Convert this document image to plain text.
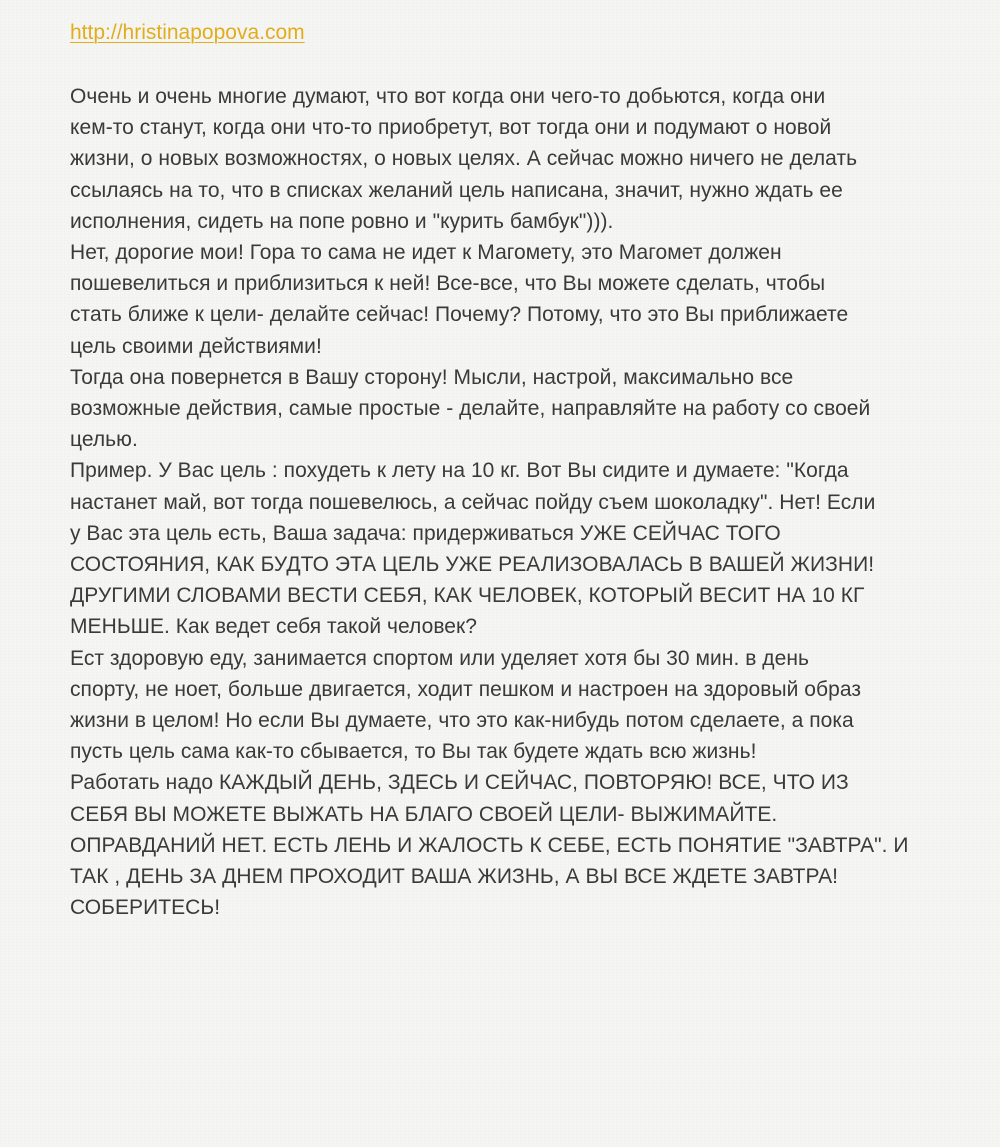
http://hristinapopova.com
Очень и очень многие думают, что вот когда они чего-то добьются, когда они
кем-то станут, когда они что-то приобретут, вот тогда они и подумают о новой
жизни, о новых возможностях, о новых целях. А сейчас можно ничего не делать
ссылаясь на то, что в списках желаний цель написана, значит, нужно ждать ее
исполнения, сидеть на попе ровно и "курить бамбук"))).
Нет, дорогие мои! Гора то сама не идет к Магомету, это Магомет должен
пошевелиться и приблизиться к ней! Все-все, что Вы можете сделать, чтобы
стать ближе к цели- делайте сейчас! Почему? Потому, что это Вы приближаете
цель своими действиями!
Тогда она повернется в Вашу сторону! Мысли, настрой, максимально все
возможные действия, самые простые - делайте, направляйте на работу со своей
целью.
Пример. У Вас цель : похудеть к лету на 10 кг. Вот Вы сидите и думаете: "Когда
настанет май, вот тогда пошевелюсь, а сейчас пойду съем шоколадку". Нет! Если
у Вас эта цель есть, Ваша задача: придерживаться УЖЕ СЕЙЧАС ТОГО
СОСТОЯНИЯ, КАК БУДТО ЭТА ЦЕЛЬ УЖЕ РЕАЛИЗОВАЛАСЬ В ВАШЕЙ ЖИЗНИ!
ДРУГИМИ СЛОВАМИ ВЕСТИ СЕБЯ, КАК ЧЕЛОВЕК, КОТОРЫЙ ВЕСИТ НА 10 КГ
МЕНЬШЕ. Как ведет себя такой человек?
Ест здоровую еду, занимается спортом или уделяет хотя бы 30 мин. в день
спорту, не ноет, больше двигается, ходит пешком и настроен на здоровый образ
жизни в целом! Но если Вы думаете, что это как-нибудь потом сделаете, а пока
пусть цель сама как-то сбывается, то Вы так будете ждать всю жизнь!
Работать надо КАЖДЫЙ ДЕНЬ, ЗДЕСЬ И СЕЙЧАС, ПОВТОРЯЮ! ВСЕ, ЧТО ИЗ
СЕБЯ ВЫ МОЖЕТЕ ВЫЖАТЬ НА БЛАГО СВОЕЙ ЦЕЛИ- ВЫЖИМАЙТЕ.
ОПРАВДАНИЙ НЕТ. ЕСТЬ ЛЕНЬ И ЖАЛОСТЬ К СЕБЕ, ЕСТЬ ПОНЯТИЕ "ЗАВТРА". И
ТАК , ДЕНЬ ЗА ДНЕМ ПРОХОДИТ ВАША ЖИЗНЬ, А ВЫ ВСЕ ЖДЕТЕ ЗАВТРА!
СОБЕРИТЕСЬ!
